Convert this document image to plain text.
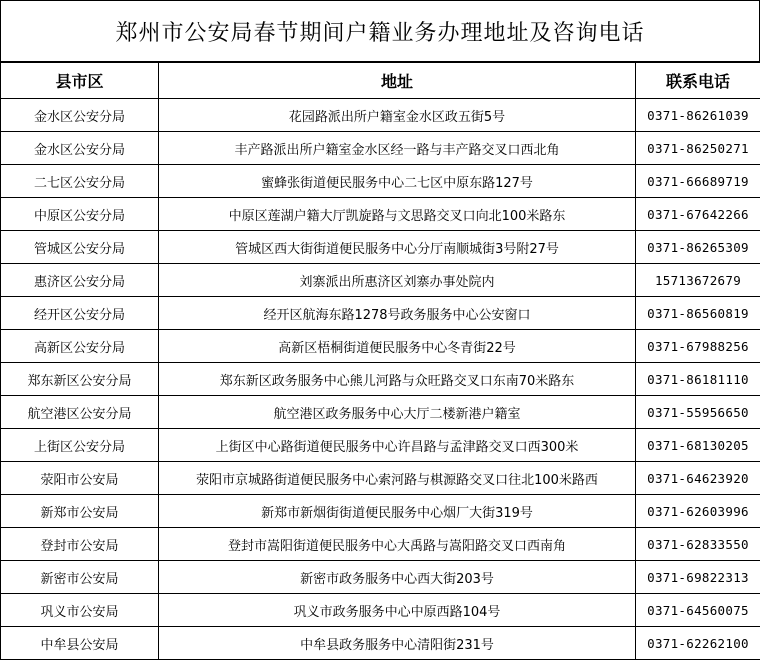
郑州市公安局春节期间户籍业务办理地址及咨询电话
县市区	地址	联系电话
金水区公安分局	花园路派出所户籍室金水区政五街5号	0371-86261039
金水区公安分局	丰产路派出所户籍室金水区经一路与丰产路交叉口西北角	0371-86250271
二七区公安分局	蜜蜂张街道便民服务中心二七区中原东路127号	0371-66689719
中原区公安分局	中原区莲湖户籍大厅凯旋路与文思路交叉口向北100米路东	0371-67642266
管城区公安分局	管城区西大街街道便民服务中心分厅南顺城街3号附27号	0371-86265309
惠济区公安分局	刘寨派出所惠济区刘寨办事处院内	15713672679
经开区公安分局	经开区航海东路1278号政务服务中心公安窗口	0371-86560819
高新区公安分局	高新区梧桐街道便民服务中心冬青街22号	0371-67988256
郑东新区公安分局	郑东新区政务服务中心熊儿河路与众旺路交叉口东南70米路东	0371-86181110
航空港区公安分局	航空港区政务服务中心大厅二楼新港户籍室	0371-55956650
上街区公安分局	上街区中心路街道便民服务中心许昌路与孟津路交叉口西300米	0371-68130205
荥阳市公安局	荥阳市京城路街道便民服务中心索河路与棋源路交叉口往北100米路西	0371-64623920
新郑市公安局	新郑市新烟街街道便民服务中心烟厂大街319号	0371-62603996
登封市公安局	登封市嵩阳街道便民服务中心大禹路与嵩阳路交叉口西南角	0371-62833550
新密市公安局	新密市政务服务中心西大街203号	0371-69822313
巩义市公安局	巩义市政务服务中心中原西路104号	0371-64560075
中牟县公安局	中牟县政务服务中心清阳街231号	0371-62262100
